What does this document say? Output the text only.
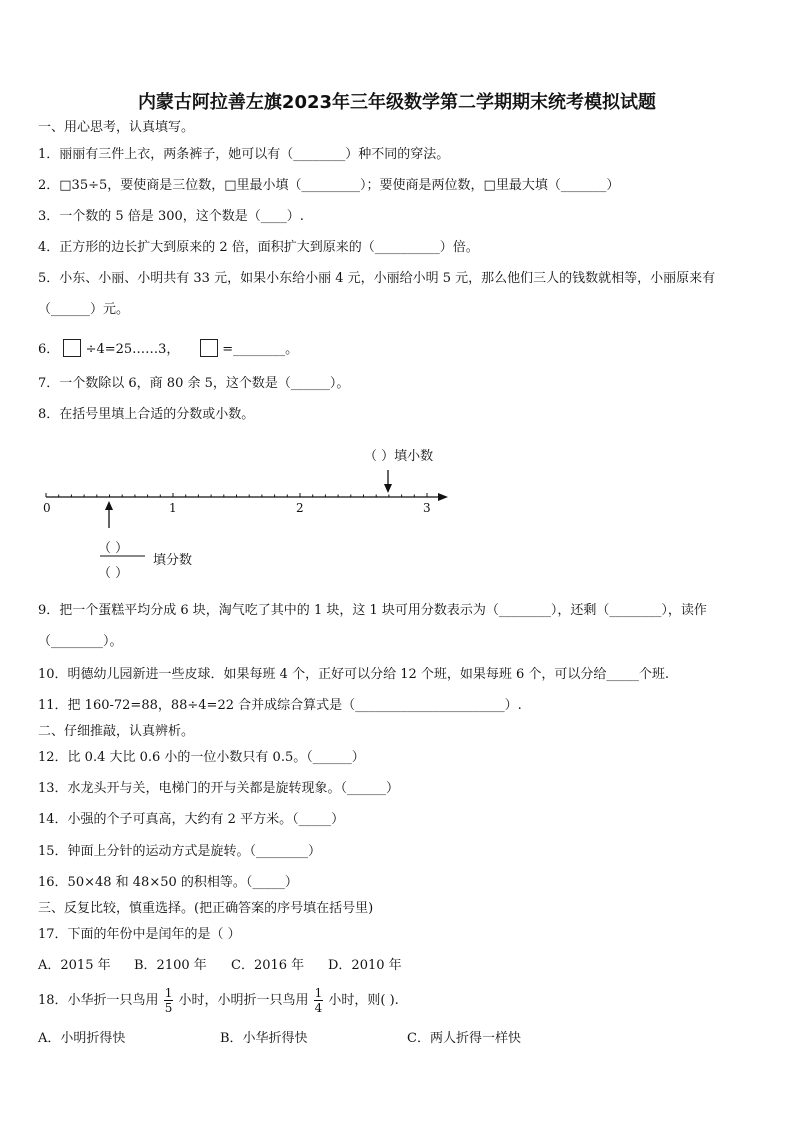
内蒙古阿拉善左旗2023年三年级数学第二学期期末统考模拟试题
一、用心思考，认真填写。
1．丽丽有三件上衣，两条裤子，她可以有（________）种不同的穿法。
2．□35÷5，要使商是三位数，□里最小填（_________）；要使商是两位数，□里最大填（_______）
3．一个数的 5 倍是 300，这个数是（____）.
4．正方形的边长扩大到原来的 2 倍，面积扩大到原来的（__________）倍。
5．小东、小丽、小明共有 33 元，如果小东给小丽 4 元，小丽给小明 5 元，那么他们三人的钱数就相等，小丽原来有
（______）元。
6． ÷4=25……3，	=________。
7．一个数除以 6，商 80 余 5，这个数是（______）。
8．在括号里填上合适的分数或小数。
（ ）填小数
0	1	2	3
（ ）
（ ）
填分数
9．把一个蛋糕平均分成 6 块，淘气吃了其中的 1 块，这 1 块可用分数表示为（________），还剩（________），读作
（________）。
10．明德幼儿园新进一些皮球．如果每班 4 个，正好可以分给 12 个班，如果每班 6 个，可以分给_____个班.
11．把 160-72=88，88÷4=22 合并成综合算式是（_______________________）.
二、仔细推敲，认真辨析。
12．比 0.4 大比 0.6 小的一位小数只有 0.5。（______）
13．水龙头开与关，电梯门的开与关都是旋转现象。（______）
14．小强的个子可真高，大约有 2 平方米。（_____）
15．钟面上分针的运动方式是旋转。（________）
16．50×48 和 48×50 的积相等。（_____）
三、反复比较，慎重选择。(把正确答案的序号填在括号里)
17．下面的年份中是闰年的是（ ）
A．2015 年 B．2100 年 C．2016 年 D．2010 年
18．小华折一只鸟用 $\frac{1}{5}$ 小时，小明折一只鸟用 $\frac{1}{4}$ 小时，则( ).
A．小明折得快	B．小华折得快	C．两人折得一样快
